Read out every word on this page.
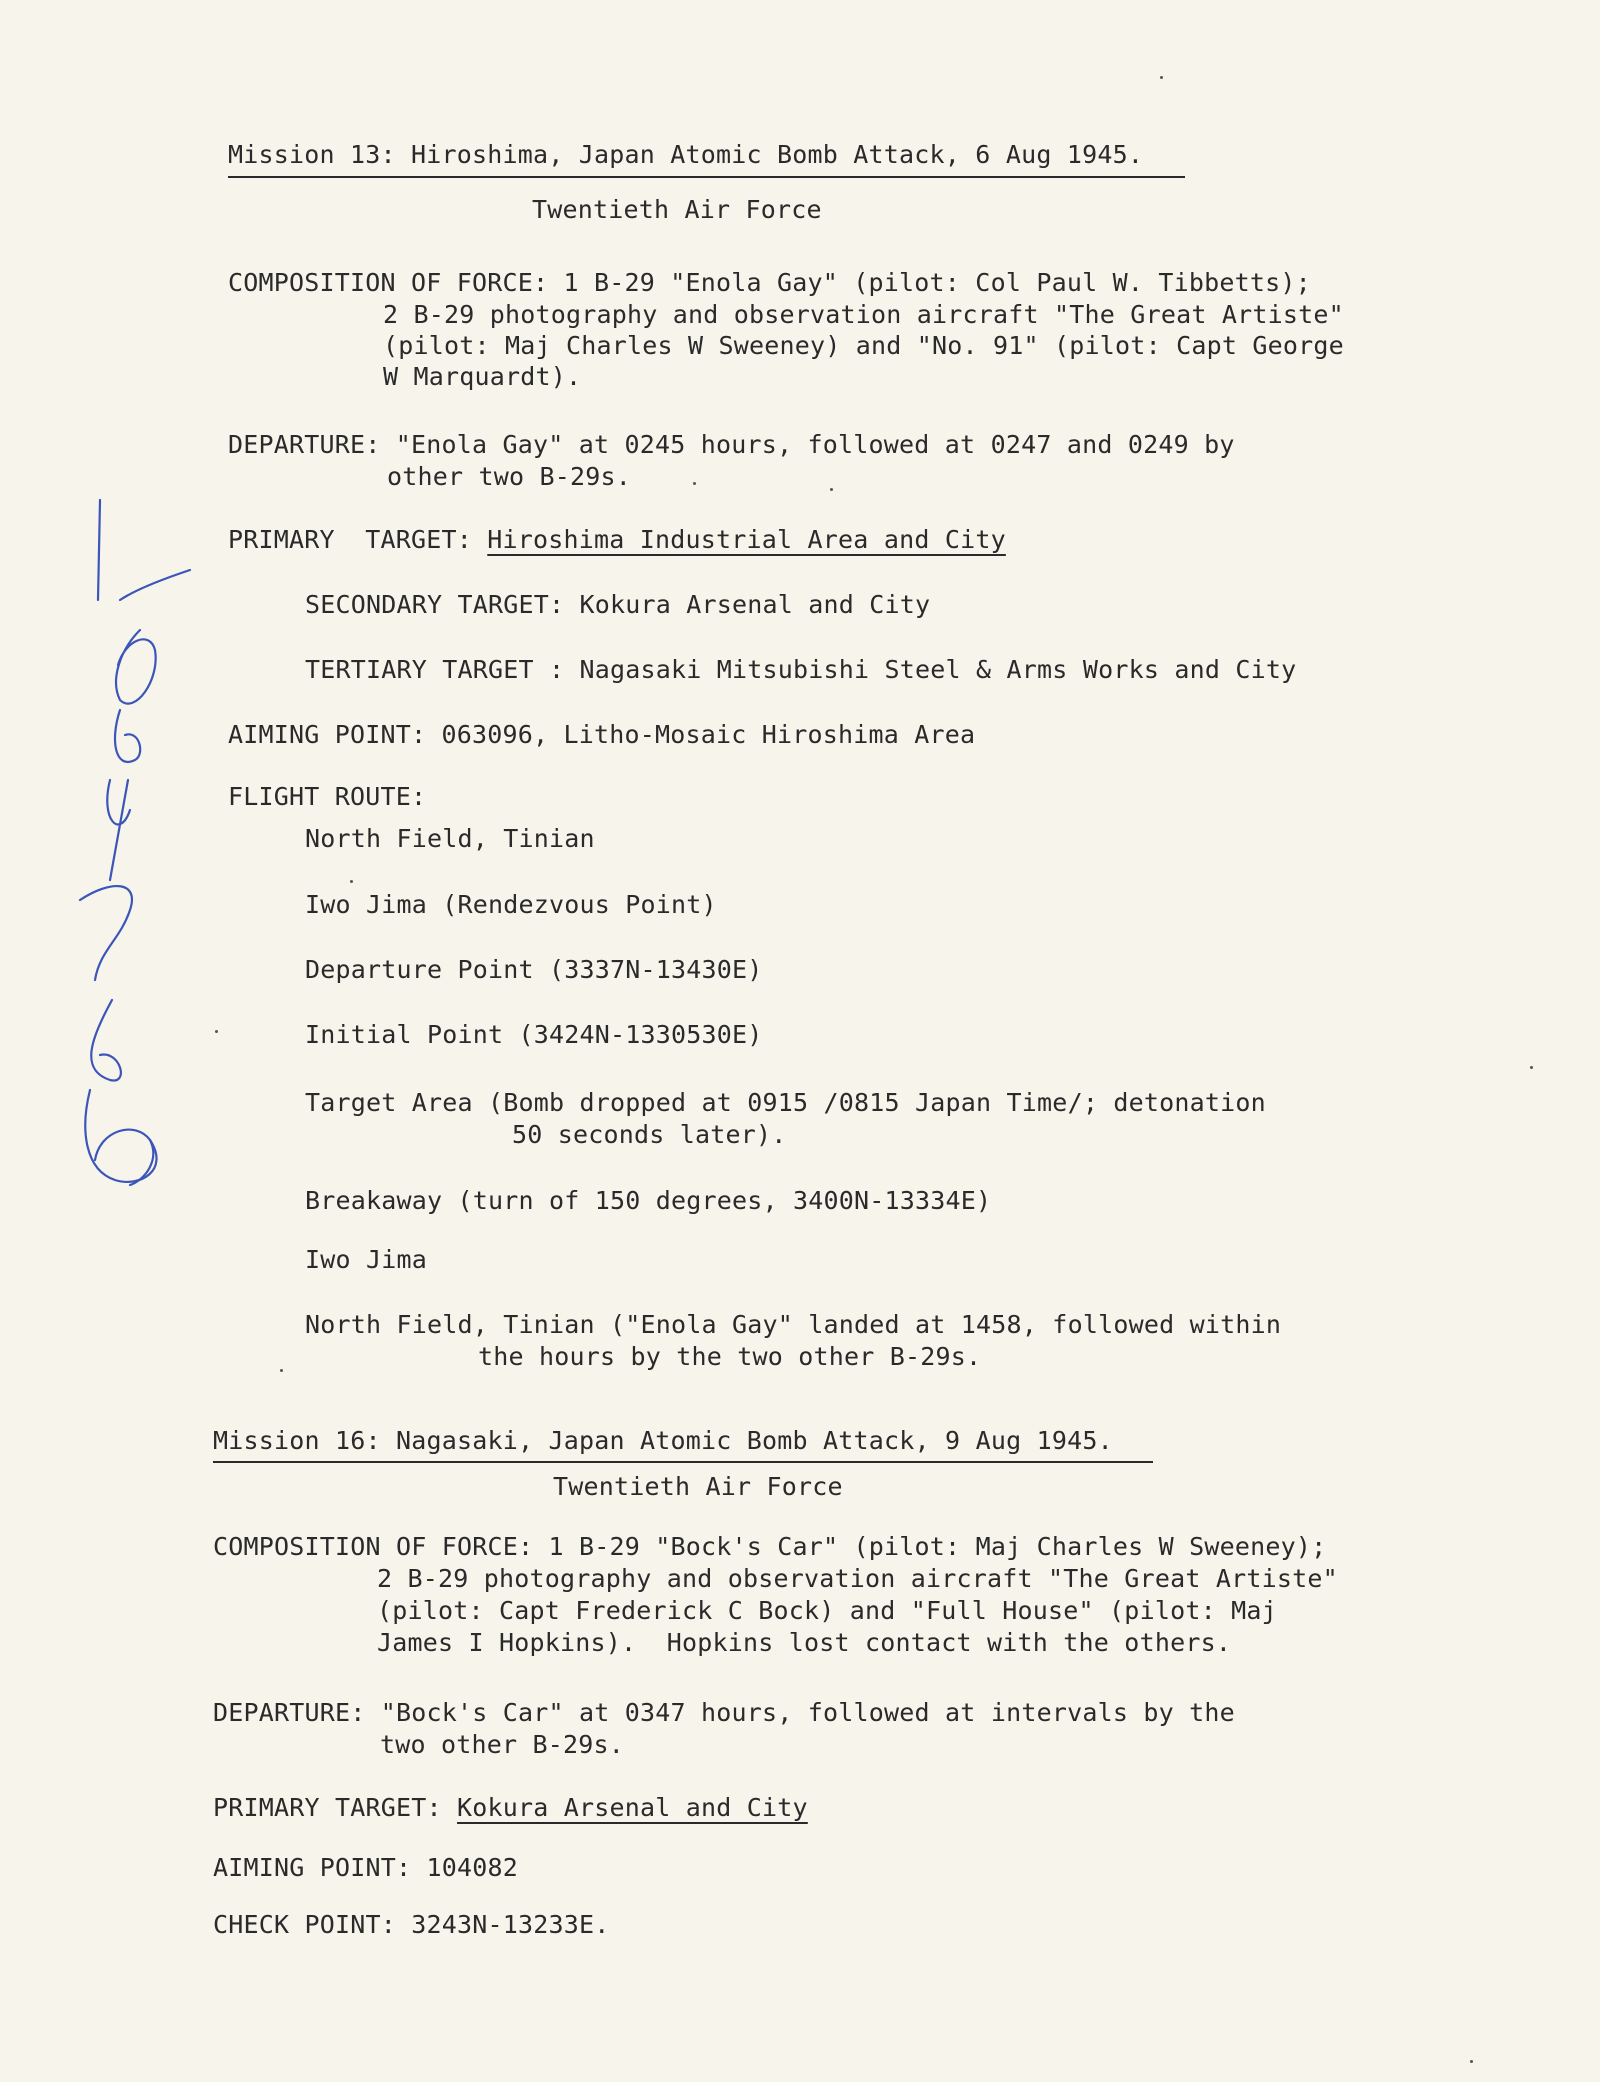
Mission 13: Hiroshima, Japan Atomic Bomb Attack, 6 Aug 1945.
Twentieth Air Force
COMPOSITION OF FORCE: 1 B-29 "Enola Gay" (pilot: Col Paul W. Tibbetts);
2 B-29 photography and observation aircraft "The Great Artiste"
(pilot: Maj Charles W Sweeney) and "No. 91" (pilot: Capt George
W Marquardt).
DEPARTURE: "Enola Gay" at 0245 hours, followed at 0247 and 0249 by
other two B-29s.
PRIMARY  TARGET: Hiroshima Industrial Area and City
SECONDARY TARGET: Kokura Arsenal and City
TERTIARY TARGET : Nagasaki Mitsubishi Steel & Arms Works and City
AIMING POINT: 063096, Litho-Mosaic Hiroshima Area
FLIGHT ROUTE:
North Field, Tinian
Iwo Jima (Rendezvous Point)
Departure Point (3337N-13430E)
Initial Point (3424N-1330530E)
Target Area (Bomb dropped at 0915 /0815 Japan Time/; detonation
50 seconds later).
Breakaway (turn of 150 degrees, 3400N-13334E)
Iwo Jima
North Field, Tinian ("Enola Gay" landed at 1458, followed within
the hours by the two other B-29s.
Mission 16: Nagasaki, Japan Atomic Bomb Attack, 9 Aug 1945.
Twentieth Air Force
COMPOSITION OF FORCE: 1 B-29 "Bock's Car" (pilot: Maj Charles W Sweeney);
2 B-29 photography and observation aircraft "The Great Artiste"
(pilot: Capt Frederick C Bock) and "Full House" (pilot: Maj
James I Hopkins).  Hopkins lost contact with the others.
DEPARTURE: "Bock's Car" at 0347 hours, followed at intervals by the
two other B-29s.
PRIMARY TARGET: Kokura Arsenal and City
AIMING POINT: 104082
CHECK POINT: 3243N-13233E.
